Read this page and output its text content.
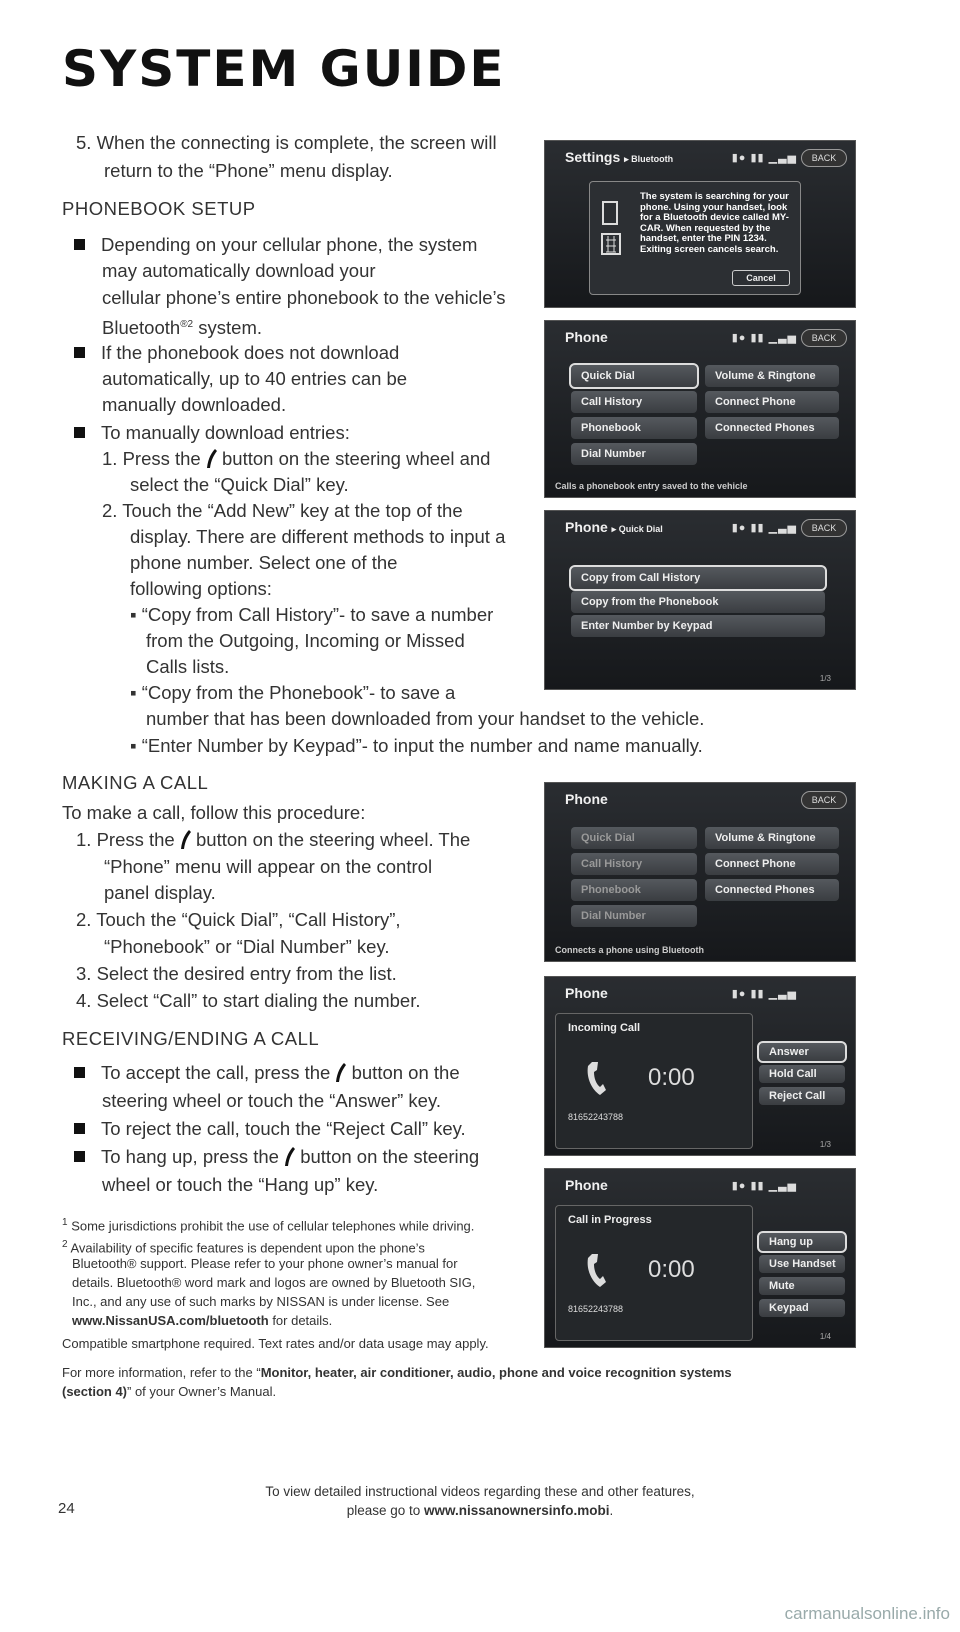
SYSTEM GUIDE
5. When the connecting is complete, the screen will
return to the “Phone” menu display.
PHONEBOOK SETUP
Depending on your cellular phone, the system
may automatically download your
cellular phone’s entire phonebook to the vehicle’s
Bluetooth$^{®2}$ system.
If the phonebook does not download
automatically, up to 40 entries can be
manually downloaded.
To manually download entries:
1. Press the  button on the steering wheel and
select the “Quick Dial” key.
2. Touch the “Add New” key at the top of the
display. There are different methods to input a
phone number. Select one of the
following options:
▪ “Copy from Call History”- to save a number
from the Outgoing, Incoming or Missed
Calls lists.
▪ “Copy from the Phonebook”- to save a
number that has been downloaded from your handset to the vehicle.
▪ “Enter Number by Keypad”- to input the number and name manually.
MAKING A CALL
To make a call, follow this procedure:
1. Press the  button on the steering wheel. The
“Phone” menu will appear on the control
panel display.
2. Touch the “Quick Dial”, “Call History”,
“Phonebook” or “Dial Number” key.
3. Select the desired entry from the list.
4. Select “Call” to start dialing the number.
RECEIVING/ENDING A CALL
To accept the call, press the  button on the
steering wheel or touch the “Answer” key.
To reject the call, touch the “Reject Call” key.
To hang up, press the  button on the steering
wheel or touch the “Hang up” key.
$^1$ Some jurisdictions prohibit the use of cellular telephones while driving.
$^2$ Availability of specific features is dependent upon the phone’s
Bluetooth® support. Please refer to your phone owner’s manual for
details. Bluetooth® word mark and logos are owned by Bluetooth SIG,
Inc., and any use of such marks by NISSAN is under license. See
www.NissanUSA.com/bluetooth for details.
Compatible smartphone required. Text rates and/or data usage may apply.
For more information, refer to the “Monitor, heater, air conditioner, audio, phone and voice recognition systems
(section 4)” of your Owner’s Manual.
Settings ▸ Bluetooth	▮● ▮▮ ▁▃▅	BACK
The system is searching for your phone. Using your handset, look for a Bluetooth device called MY-CAR. When requested by the handset, enter the PIN 1234. Exiting screen cancels search.
Cancel
Phone	▮● ▮▮ ▁▃▅	BACK
Quick Dial
Call History
Phonebook
Dial Number
Volume & Ringtone
Connect Phone
Connected Phones
Calls a phonebook entry saved to the vehicle
Phone ▸ Quick Dial	▮● ▮▮ ▁▃▅	BACK
Copy from Call History
Copy from the Phonebook
Enter Number by Keypad
1/3
Phone	BACK
Quick Dial
Call History
Phonebook
Dial Number
Volume & Ringtone
Connect Phone
Connected Phones
Connects a phone using Bluetooth
Phone	▮● ▮▮ ▁▃▅
Incoming Call
0:00
81652243788
Answer
Hold Call
Reject Call
1/3
Phone	▮● ▮▮ ▁▃▅
Call in Progress
0:00
81652243788
Hang up
Use Handset
Mute
Keypad
1/4
To view detailed instructional videos regarding these and other features,
please go to www.nissanownersinfo.mobi.
24
carmanualsonline.info
